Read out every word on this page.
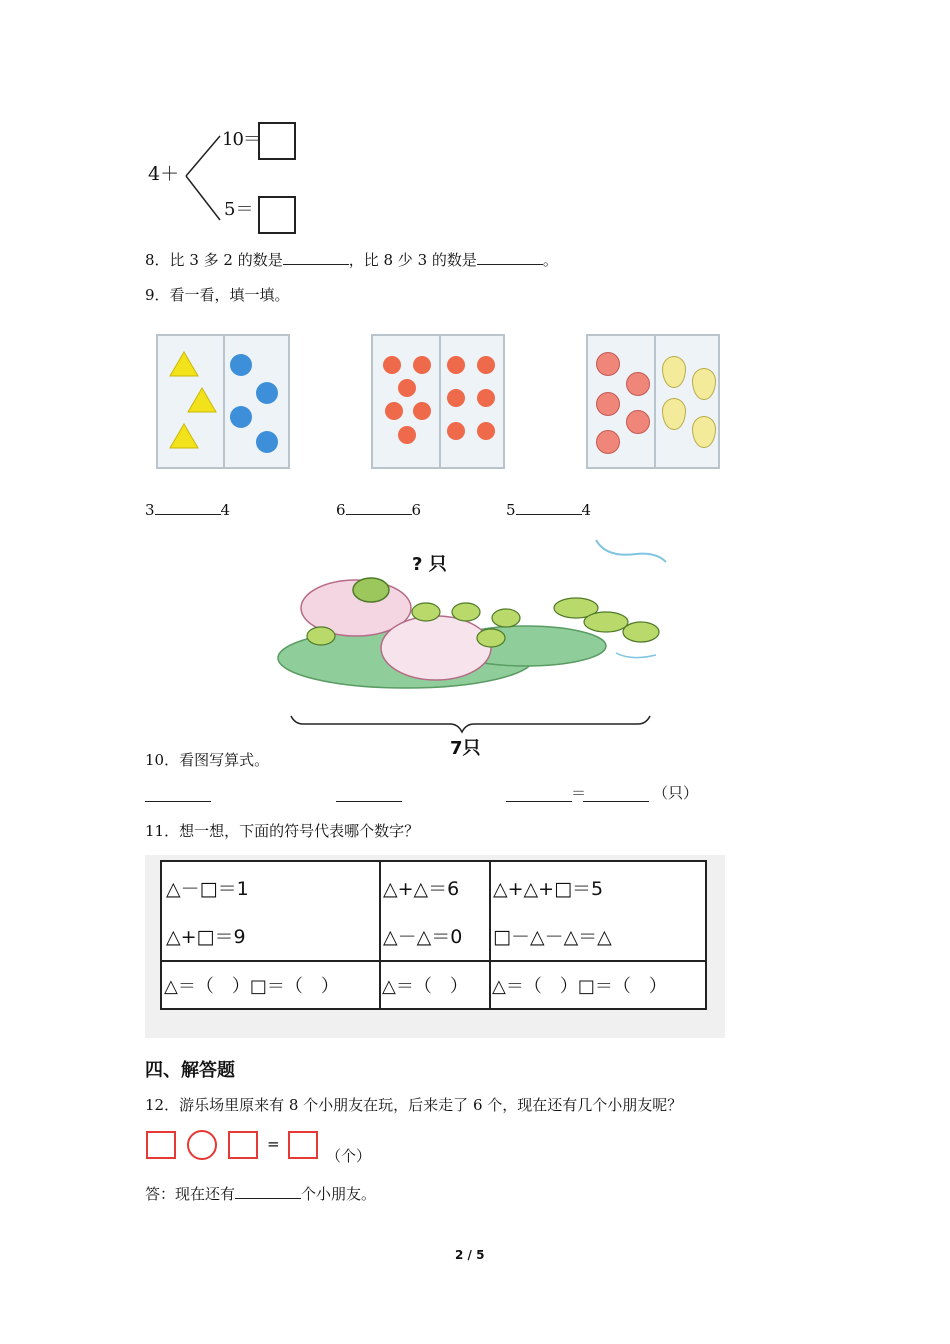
4＋
10＝
5＝
8．比 3 多 2 的数是	，比 8 少 3 的数是	。
9．看一看，填一填。
3	4	6	6	5	4
? 只
7只
10．看图写算式。
＝	（只）
11．想一想，下面的符号代表哪个数字？
△－□＝1
△+□＝9
△+△＝6
△－△＝0
△+△+□＝5
□－△－△＝△
△＝（　）□＝（　） △＝（　） △＝（　）□＝（　）
四、解答题
12．游乐场里原来有 8 个小朋友在玩，后来走了 6 个，现在还有几个小朋友呢？
=
（个）
答：现在还有	个小朋友。
2 / 5
